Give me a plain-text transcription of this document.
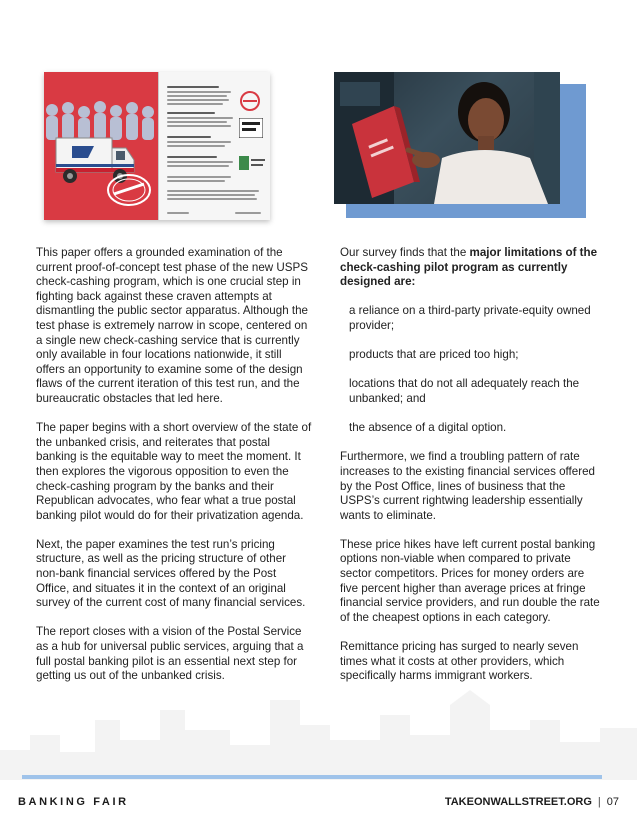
This paper offers a grounded examination of the current proof-of-concept test phase of the new USPS check-cashing program, which is one crucial step in fighting back against these craven attempts at dismantling the public sector apparatus. Although the test phase is extremely narrow in scope, centered on a single new check-cashing service that is currently only available in four locations nationwide, it still offers an opportunity to examine some of the design flaws of the current iteration of this test run, and the bureaucratic obstacles that led here.

The paper begins with a short overview of the state of the unbanked crisis, and reiterates that postal banking is the equitable way to meet the moment. It then explores the vigorous opposition to even the check-cashing program by the banks and their Republican advocates, who fear what a true postal banking pilot would do for their privatization agenda.

Next, the paper examines the test run’s pricing structure, as well as the pricing structure of other non-bank financial services offered by the Post Office, and situates it in the context of an original survey of the current cost of many financial services.

The report closes with a vision of the Postal Service as a hub for universal public services, arguing that a full postal banking pilot is an essential next step for getting us out of the unbanked crisis.

Our survey finds that the major limitations of the check-cashing pilot program as currently designed are:

a reliance on a third-party private-equity owned provider;
products that are priced too high;
locations that do not all adequately reach the unbanked; and
the absence of a digital option.

Furthermore, we find a troubling pattern of rate increases to the existing financial services offered by the Post Office, lines of business that the USPS’s current rightwing leadership essentially wants to eliminate.

These price hikes have left current postal banking options non-viable when compared to private sector competitors. Prices for money orders are five percent higher than average prices at fringe financial service providers, and run double the rate of the cheapest options in each category.

Remittance pricing has surged to nearly seven times what it costs at other providers, which specifically harms immigrant workers.

BANKING FAIR	TAKEONWALLSTREET.ORG | 07
